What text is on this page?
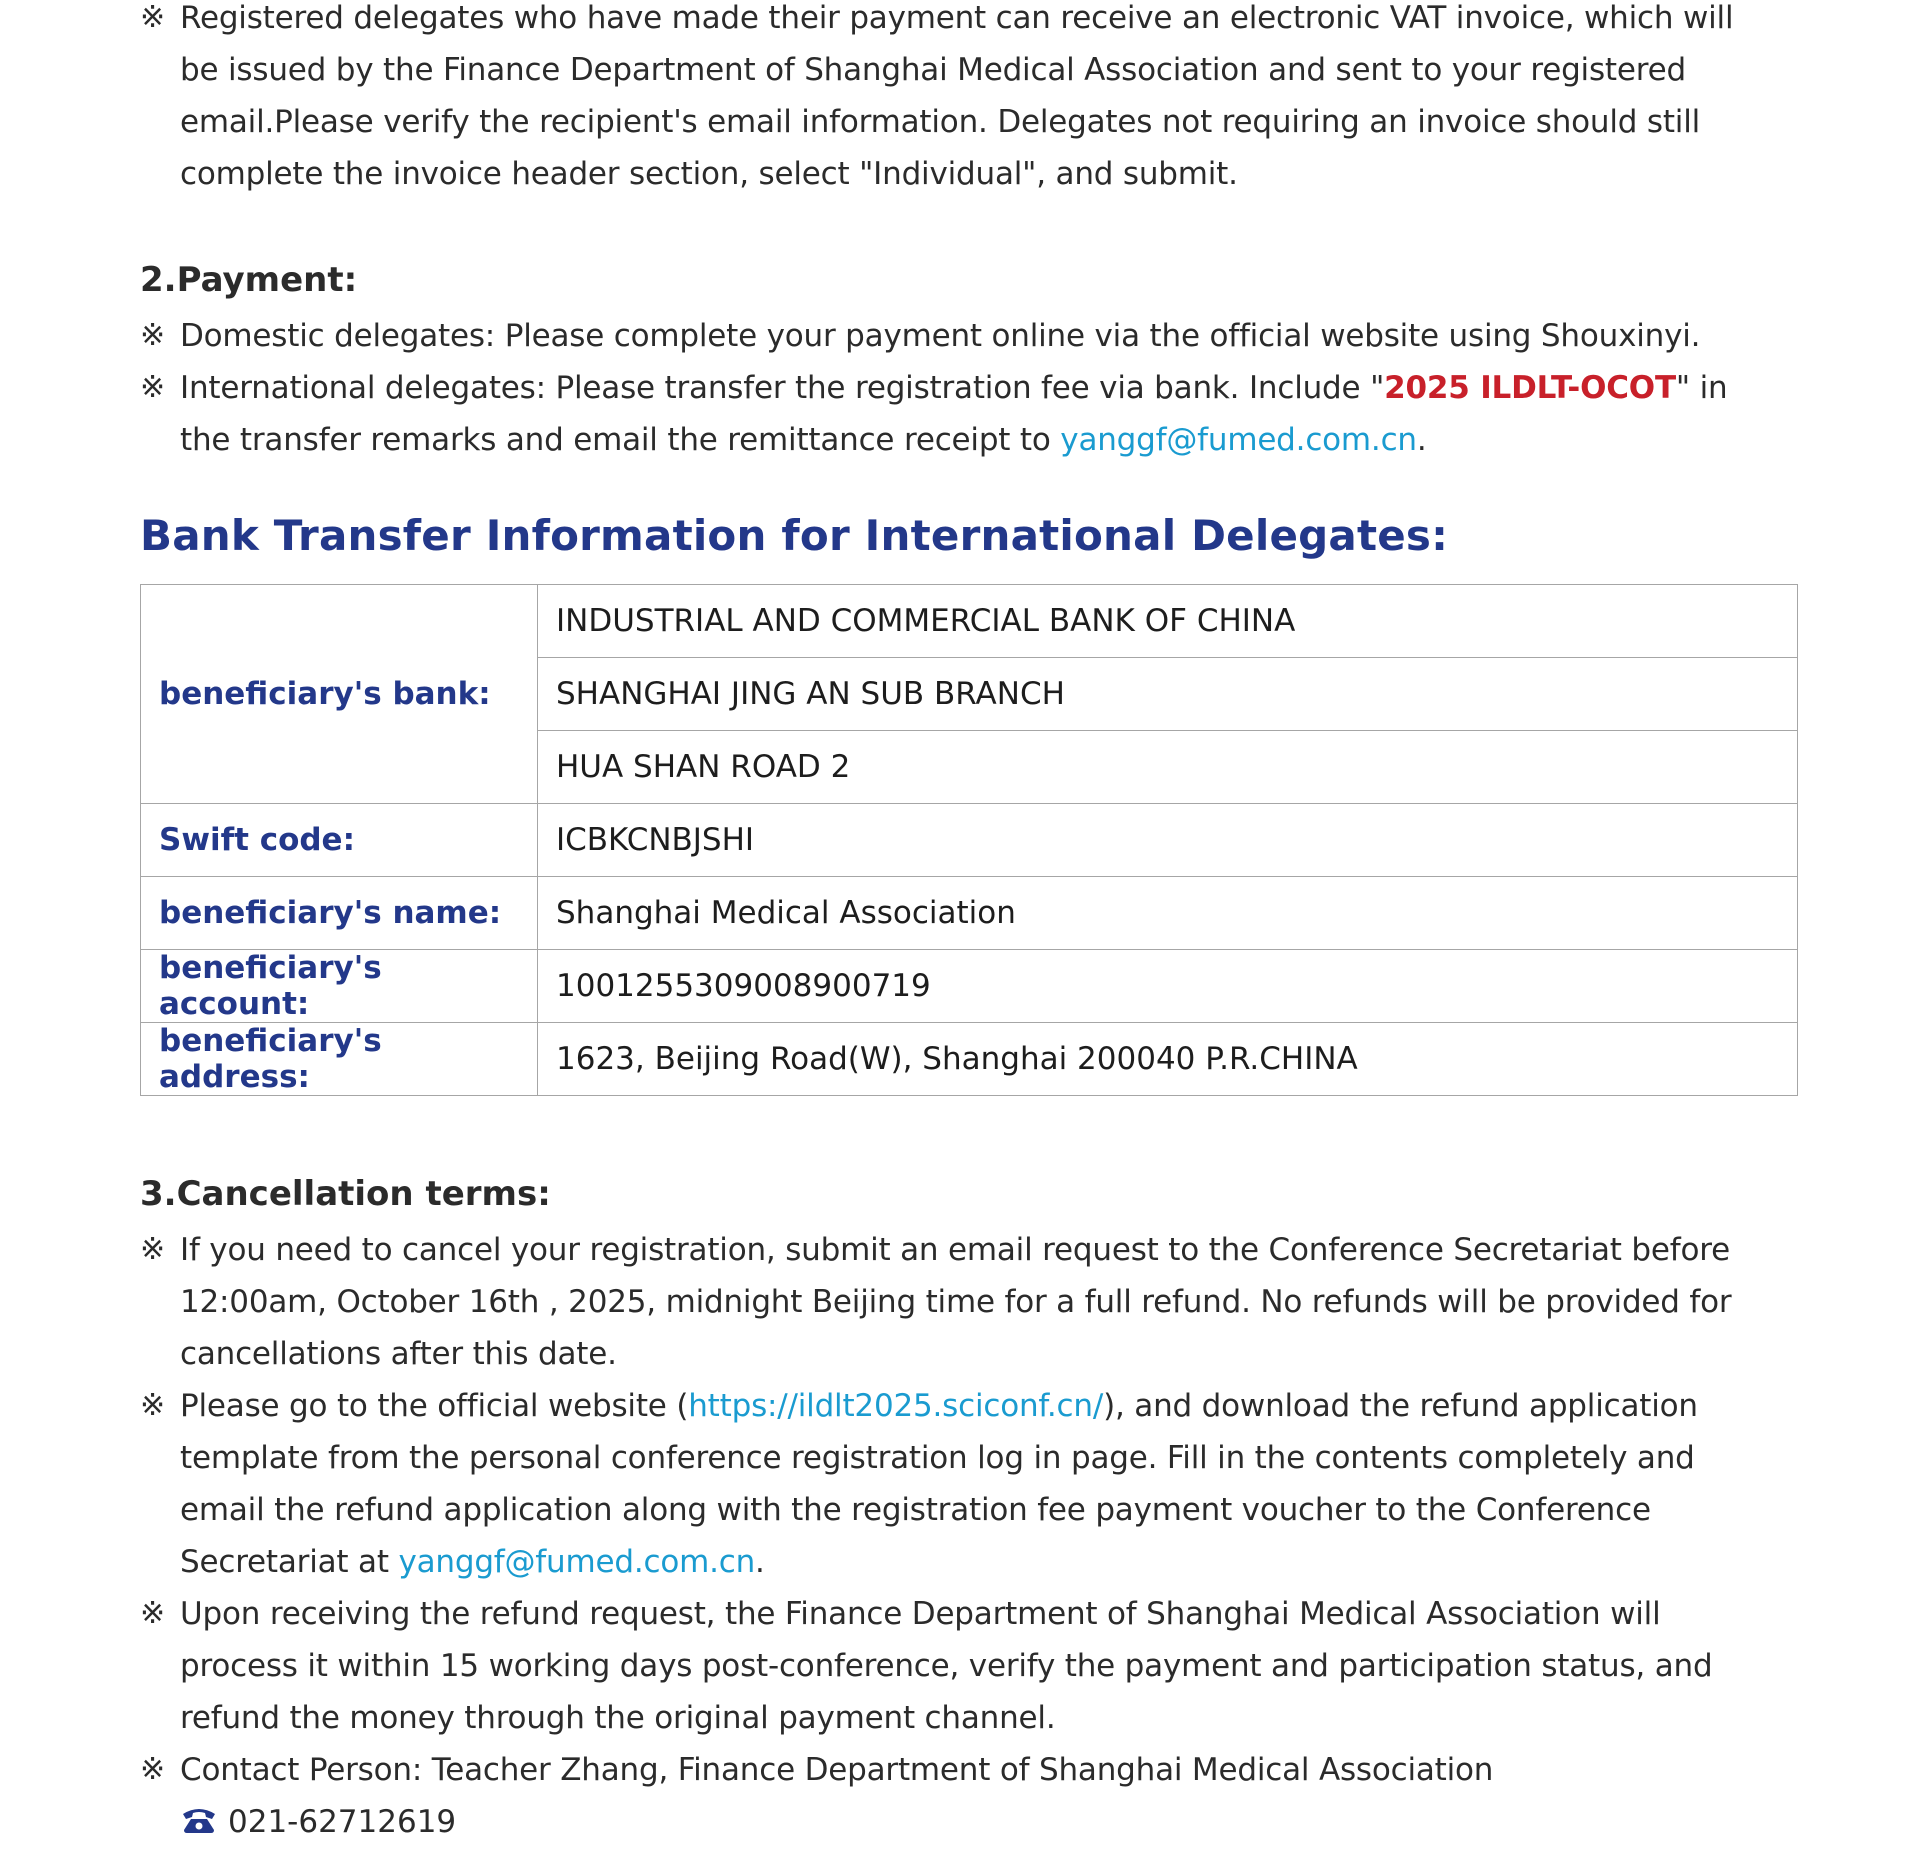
※ Registered delegates who have made their payment can receive an electronic VAT invoice, which will be issued by the Finance Department of Shanghai Medical Association and sent to your registered email.Please verify the recipient's email information. Delegates not requiring an invoice should still complete the invoice header section, select "Individual", and submit.
2.Payment:
※ Domestic delegates: Please complete your payment online via the official website using Shouxinyi.
※ International delegates: Please transfer the registration fee via bank. Include "2025 ILDLT-OCOT" in the transfer remarks and email the remittance receipt to yanggf@fumed.com.cn.
Bank Transfer Information for International Delegates:
beneficiary's bank:	INDUSTRIAL AND COMMERCIAL BANK OF CHINA
	SHANGHAI JING AN SUB BRANCH
	HUA SHAN ROAD 2
Swift code:	ICBKCNBJSHI
beneficiary's name:	Shanghai Medical Association
beneficiary's account:	1001255309008900719
beneficiary's address:	1623, Beijing Road(W), Shanghai 200040 P.R.CHINA
3.Cancellation terms:
※ If you need to cancel your registration, submit an email request to the Conference Secretariat before 12:00am, October 16th , 2025, midnight Beijing time for a full refund. No refunds will be provided for cancellations after this date.
※ Please go to the official website (https://ildlt2025.sciconf.cn/), and download the refund application template from the personal conference registration log in page. Fill in the contents completely and email the refund application along with the registration fee payment voucher to the Conference Secretariat at yanggf@fumed.com.cn.
※ Upon receiving the refund request, the Finance Department of Shanghai Medical Association will process it within 15 working days post-conference, verify the payment and participation status, and refund the money through the original payment channel.
※ Contact Person: Teacher Zhang, Finance Department of Shanghai Medical Association
021-62712619
